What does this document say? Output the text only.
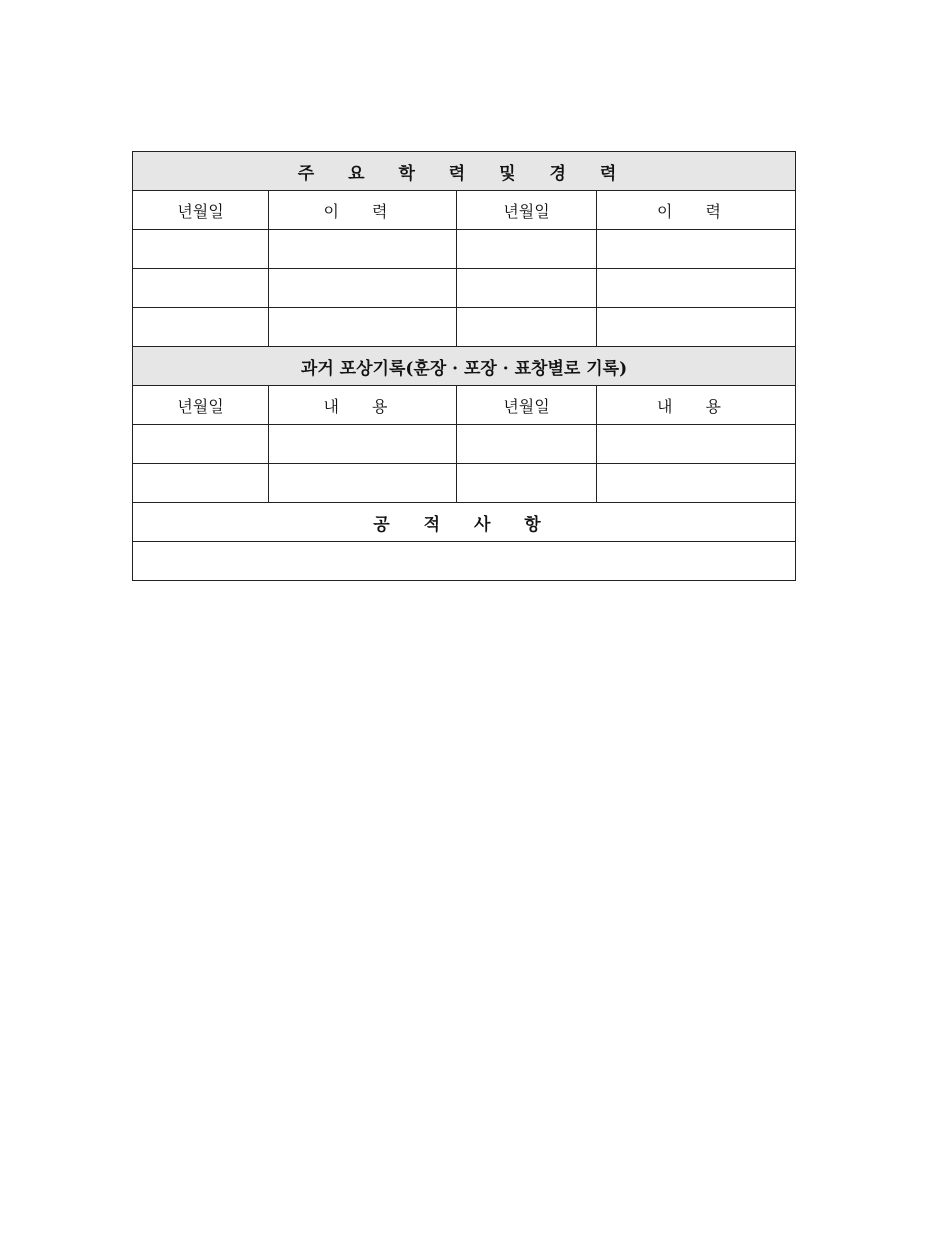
주 요 학 력 및 경 력			
년월일	이 력	년월일	이 력

과거 포상기록(훈장 · 포장 · 표창별로 기록)			
년월일	내 용	년월일	내 용

공 적 사 항			
